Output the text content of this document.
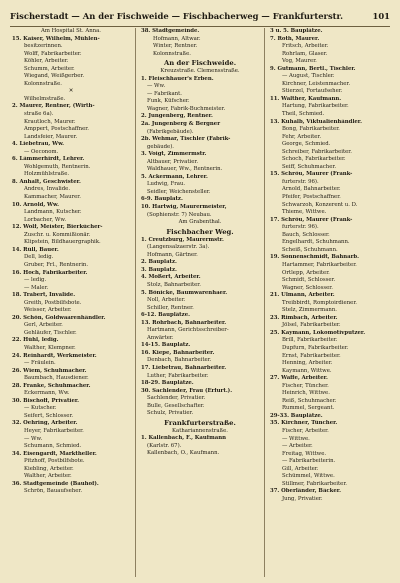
Fischerstadt — An der Fischweide — Fischbacherweg — Frankfurterstr.	101
Am Hospital St. Anna.
15. Kaiser, Wilhelm, Mühlen-
besitzerinnen.
Wolff, Fabrikarbeiter.
Köhler, Arbeiter.
Schumm, Arbeiter.
Wiegand, Weißgerber.
Kolonnstraße.
✕
Wilhelmstraße.
2. Maurer, Rentner, (Wirth-
straße 6a).
Krautloch, Maurer.
Amppert, Postschaffner.
Landsfeier, Maurer.
4. Liebetrau, Ww.
— Oeconom.
6. Lämmerhirdt, Lehrer.
Wohlgemuth, Rentnerin.
Holzmühlstraße.
8. Anhalt, Geschwister.
Andres, Invalide.
Kammacher, Maurer.
10. Arnold, Ww.
Landmann, Kutscher.
Lorbacher, Ww.
12. Wolf, Meister, Bierkücher-
Zuschr. u. Kommißionär.
Klipstein, Bildhauergraphik.
14. Rüll, Bauer.
Dell, ledig.
Gruber, Frl., Rentnerin.
16. Hoch, Fabrikarbeiter.
— ledig.
— Maler.
18. Trabert, Invalide.
Greith, Postbilfsbote.
Weisser, Arbeiter.
20. Schön, Goldwaarenhändler.
Gerl, Arbeiter.
Gehläufer, Tischler.
22. Hühl, ledig.
Walther, Klempner.
24. Reinhardt, Werkmeister.
— Fräulein.
26. Wiem, Schuhmacher.
Baumbach, Hausdiener.
28. Franke, Schuhmacher.
Eckermann, Ww.
30. Bischoff, Privatier.
— Kutscher.
Seifert, Schlosser.
32. Oehring, Arbeiter.
Heyer, Fabrikarbeiter.
— Ww.
Schumann, Schmied.
34. Eisengardt, Marktheller.
Pitzhoff, Postbilfsbote.
Kiebling, Arbeiter.
Walther, Arbeiter.
36. Stadtgemeinde (Bauhof).
Schrön, Bauaufseher.
38. Stadtgemeinde.
Hofmann, Altwar.
Winter, Rentner.
Kolonnstraße.
An der Fischweide.
Kreuzstraße. Clemensstraße.
1. Fleischhauer's Erben.
— Ww.
— Fabrikant.
Funk, Küfscher.
Wagner, Fabrik-Buchmeister.
2. Jungenberg, Rentner.
2a. Jungenberg & Bergner
(Fabrikgebäude).
2b. Wehmar, Tischler (Fabrik-
gebäude).
3. Voigt, Zimmermstr.
Altbauer, Privatier.
Waldhauer, Ww., Rentnerin.
5. Ackermann, Lehrer.
Ludwig, Frau.
Seidler, Weichensteller.
6-9. Bauplatz.
10. Hartwig, Maurermeister,
(Sophienstr. 7) Neubau.
Am Grabenthal.
Fischbacher Weg.
1. Creutzburg, Maurermstr.
(Langensalzaerstr. 3a).
Hofmann, Gärtner.
2. Bauplatz.
3. Bauplatz.
4. Moßert, Arbeiter.
Stolz, Bahnarbeiter.
5. Bönicke, Baumwarenhaer.
Noll, Arbeiter.
Schiller, Rentner.
6-12. Bauplätze.
13. Rohrbach, Bahnarbeiter.
Hartmann, Gerichtsschreiber-
Anwärter.
14-15. Bauplatz.
16. Kiepe, Bahnarbeiter.
Denbach, Bahnarbeiter.
17. Liebetrau, Bahnarbeiter.
Luther, Fabrikarbeiter.
18-29. Bauplätze.
30. Sachlender, Frau (Erfurt.).
Sachlender, Privatier.
Bulle, Gesellschafter.
Schulz, Privatier.
Frankfurterstraße.
Kathariannenstraße.
1. Kallenbach, F., Kaufmann
(Karlstr. 67).
Kallenbach, O., Kaufmann.
3 u. 5. Bauplätze.
7. Roth, Maurer.
Fritsch, Arbeiter.
Rohrlam, Glaser.
Vog, Maurer.
9. Gutmann, Bertl., Tischler.
— August, Tischler.
Kirchner, Leistenmacher.
Stierzel, Fortaufseher.
11. Walther, Kaufmann.
Hartung, Fabrikarbeiter.
Theil, Schmied.
13. Kuhalb, Viktualienhändler.
Bong, Fabrikarbeiter.
Fehr, Arbeiter.
George, Schmied.
Schreiber, Fabrikarbeiter.
Schoch, Fabrikarbeiter.
Seiff, Schuhmacher.
15. Schröu, Maurer (Frank-
furterstr. 96).
Arnold, Bahnarbeiter.
Pfeifer, Postschaffner.
Schwarzoh, Konzerent u. D.
Thieme, Wittwe.
17. Schröu, Maurer (Frank-
furterstr. 96).
Bauch, Schlosser.
Engelhardt, Schuhmann.
Scheiß, Schuhmann.
19. Sonnenschmidt, Bahnarb.
Hartammer, Fabrikarbeiter.
Ortlepp, Arbeiter.
Schmidt, Schlosser.
Wagner, Schlosser.
21. Ulmann, Arbeiter.
Treibbirdt, Romptoirdiener.
Stelz, Zimmermann.
23. Rimbach, Arbeiter.
Jölsel, Fabrikarbeiter.
25. Kaymann, Lokomotivputzer.
Brill, Fabrikarbeiter.
Dupfurn, Fabrikarbeiter.
Ernst, Fabrikarbeiter.
Henning, Arbeiter.
Kaymann, Wittwe.
27. Waffe, Arbeiter.
Fischer, Tüncher.
Heinrich, Wittwe.
Reiß, Schuhmacher.
Rummel, Sergeant.
29-33. Bauplätze.
35. Kirchner, Tüncher.
Fischer, Arbeiter.
— Wittwe.
— Arbeiter.
Freitag, Wittwe.
— Fabrikarbeiterin.
Gill, Arbeiter.
Schümmel, Wittwe.
Stillmer, Fabrikarbeiter.
37. Oberländer, Bäcker.
Jung, Privatier.
